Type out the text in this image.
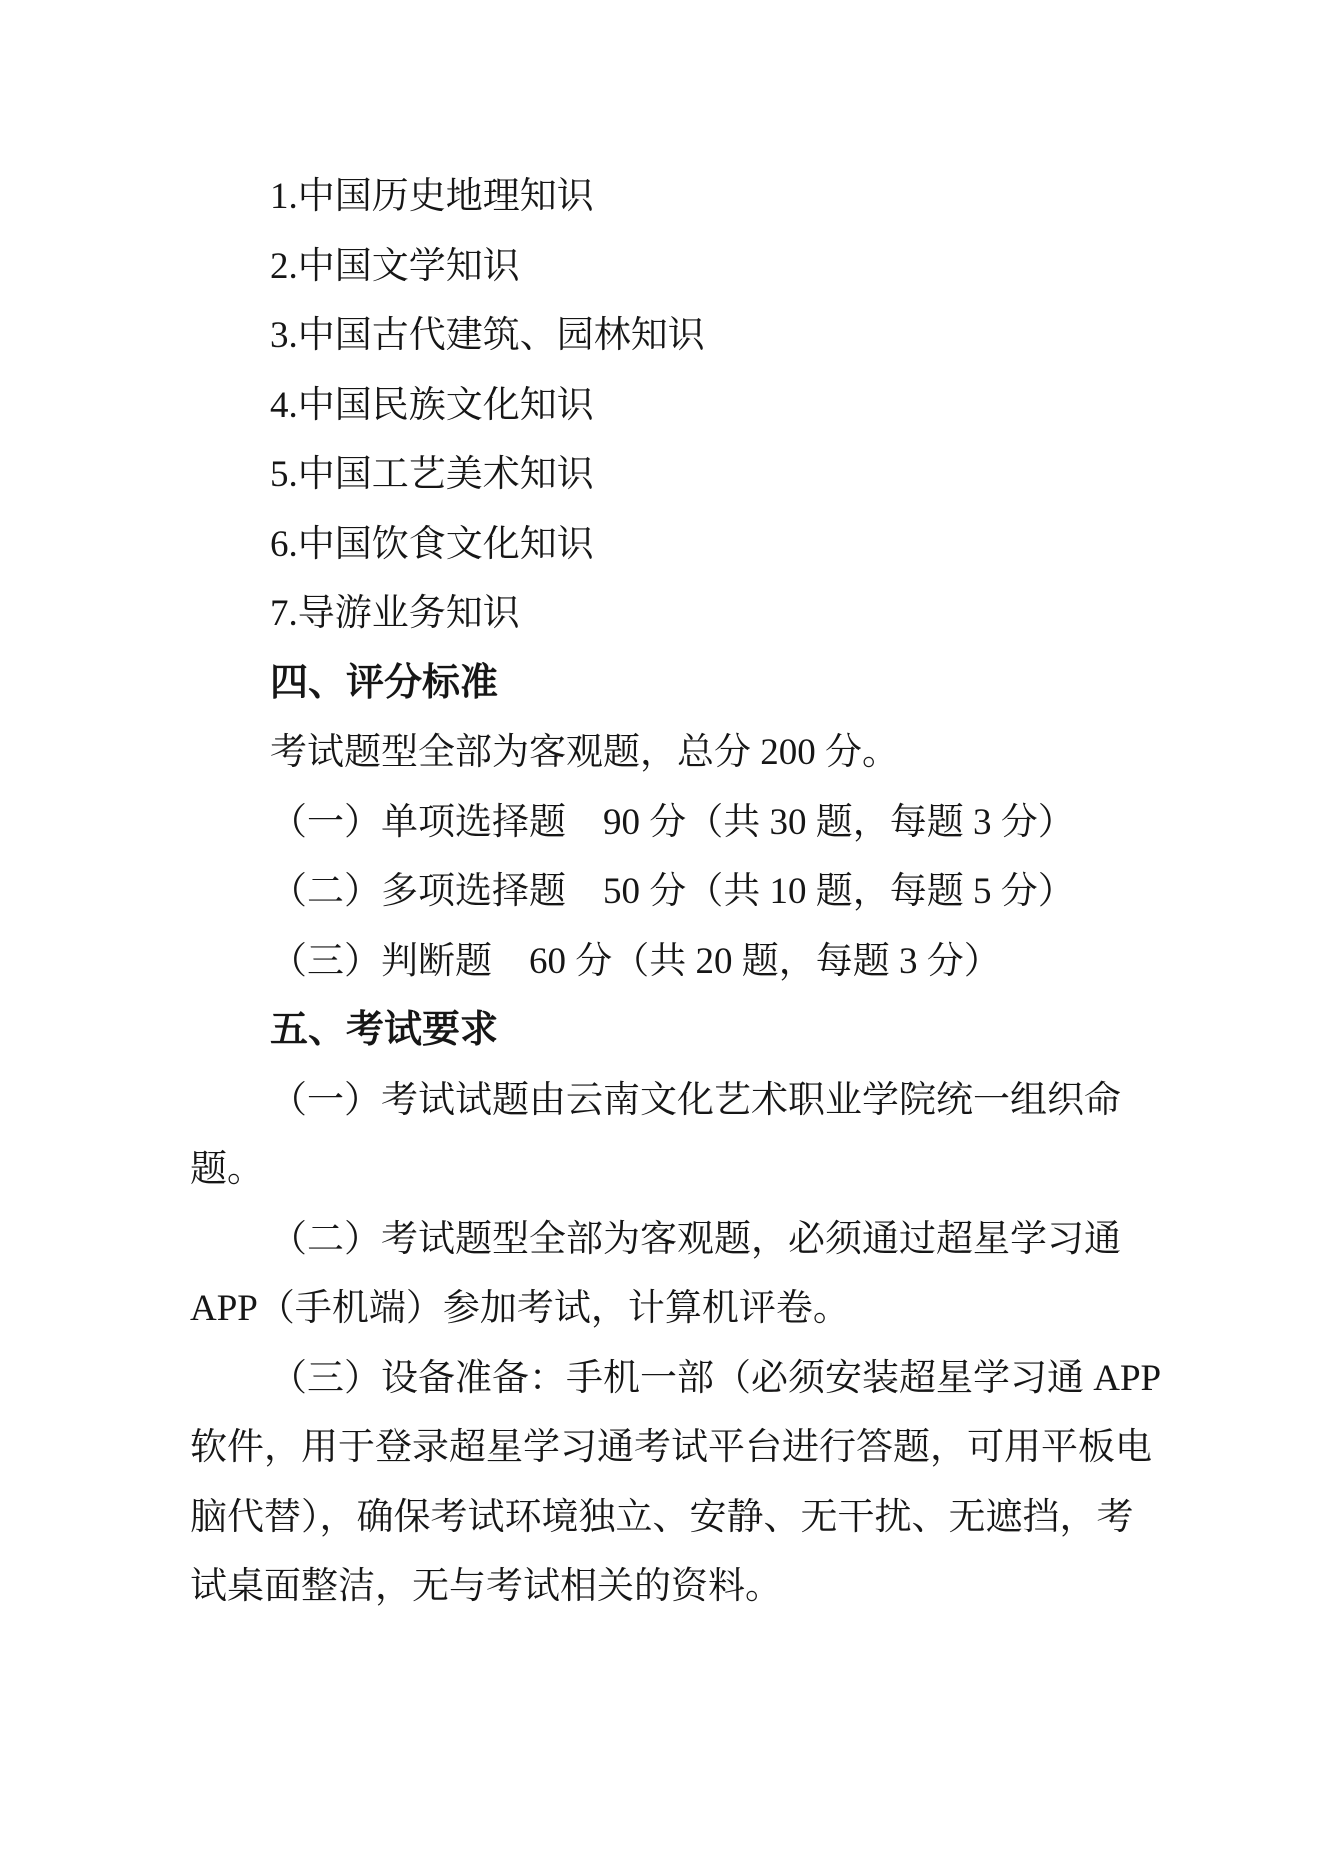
1.中国历史地理知识
2.中国文学知识
3.中国古代建筑、园林知识
4.中国民族文化知识
5.中国工艺美术知识
6.中国饮食文化知识
7.导游业务知识
四、评分标准
考试题型全部为客观题，总分 200 分。
（一）单项选择题　90 分（共 30 题，每题 3 分）
（二）多项选择题　50 分（共 10 题，每题 5 分）
（三）判断题　60 分（共 20 题，每题 3 分）
五、考试要求
（一）考试试题由云南文化艺术职业学院统一组织命
题。
（二）考试题型全部为客观题，必须通过超星学习通
APP（手机端）参加考试，计算机评卷。
（三）设备准备：手机一部（必须安装超星学习通 APP
软件，用于登录超星学习通考试平台进行答题，可用平板电
脑代替），确保考试环境独立、安静、无干扰、无遮挡，考
试桌面整洁，无与考试相关的资料。
